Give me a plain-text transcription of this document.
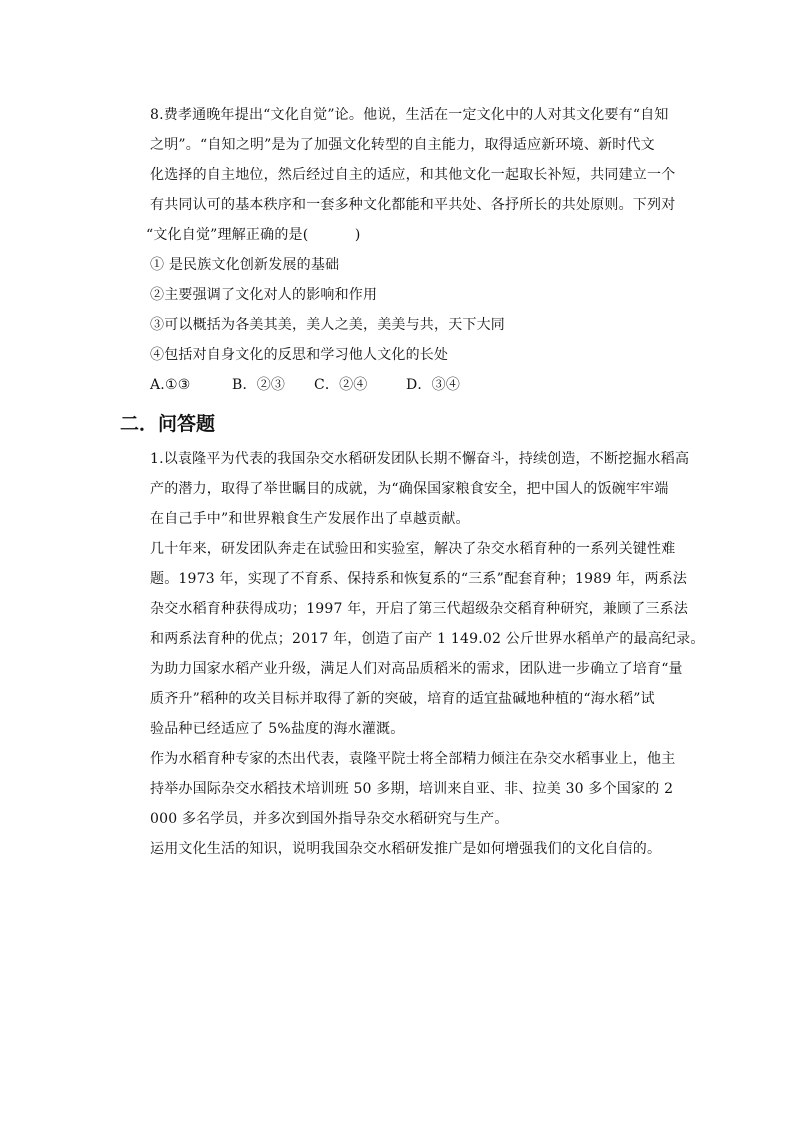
8.费孝通晚年提出“文化自觉”论。他说，生活在一定文化中的人对其文化要有“自知
之明”。“自知之明”是为了加强文化转型的自主能力，取得适应新环境、新时代文
化选择的自主地位，然后经过自主的适应，和其他文化一起取长补短，共同建立一个
有共同认可的基本秩序和一套多种文化都能和平共处、各抒所长的共处原则。下列对
“文化自觉”理解正确的是(          )
① 是民族文化创新发展的基础
②主要强调了文化对人的影响和作用
③可以概括为各美其美，美人之美，美美与共，天下大同
④包括对自身文化的反思和学习他人文化的长处
A.①③	B．②③	C．②④	D．③④
二．问答题
1.以袁隆平为代表的我国杂交水稻研发团队长期不懈奋斗，持续创造，不断挖掘水稻高
产的潜力，取得了举世瞩目的成就，为“确保国家粮食安全，把中国人的饭碗牢牢端
在自己手中”和世界粮食生产发展作出了卓越贡献。
几十年来，研发团队奔走在试验田和实验室，解决了杂交水稻育种的一系列关键性难
题。1973 年，实现了不育系、保持系和恢复系的“三系”配套育种；1989 年，两系法
杂交水稻育种获得成功；1997 年，开启了第三代超级杂交稻育种研究，兼顾了三系法
和两系法育种的优点；2017 年，创造了亩产 1 149.02 公斤世界水稻单产的最高纪录。
为助力国家水稻产业升级，满足人们对高品质稻米的需求，团队进一步确立了培育“量
质齐升”稻种的攻关目标并取得了新的突破，培育的适宜盐碱地种植的“海水稻”试
验品种已经适应了 5%盐度的海水灌溉。
作为水稻育种专家的杰出代表，袁隆平院士将全部精力倾注在杂交水稻事业上，他主
持举办国际杂交水稻技术培训班 50 多期，培训来自亚、非、拉美 30 多个国家的 2
000 多名学员，并多次到国外指导杂交水稻研究与生产。
运用文化生活的知识，说明我国杂交水稻研发推广是如何增强我们的文化自信的。
